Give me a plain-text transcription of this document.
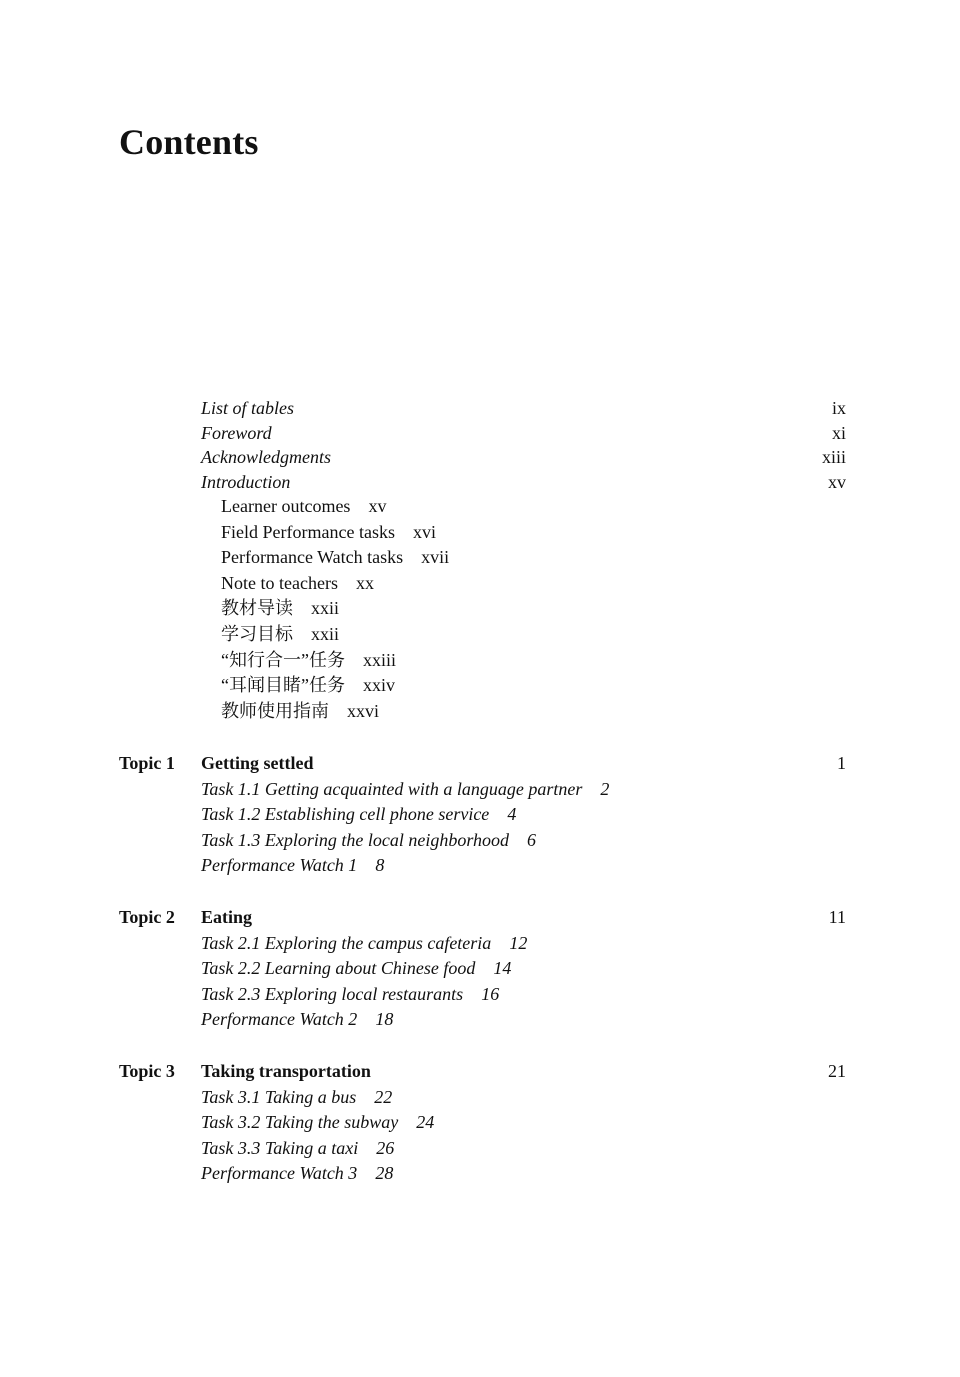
Contents
List of tables	ix
Foreword	xi
Acknowledgments	xiii
Introduction	xv
Learner outcomes xv
Field Performance tasks xvi
Performance Watch tasks xvii
Note to teachers xx
教材导读 xxii
学习目标 xxii
“知行合一”任务 xxiii
“耳闻目睹”任务 xxiv
教师使用指南 xxvi
Topic 1 Getting settled	1
Task 1.1 Getting acquainted with a language partner 2
Task 1.2 Establishing cell phone service 4
Task 1.3 Exploring the local neighborhood 6
Performance Watch 1 8
Topic 2 Eating	11
Task 2.1 Exploring the campus cafeteria 12
Task 2.2 Learning about Chinese food 14
Task 2.3 Exploring local restaurants 16
Performance Watch 2 18
Topic 3 Taking transportation	21
Task 3.1 Taking a bus 22
Task 3.2 Taking the subway 24
Task 3.3 Taking a taxi 26
Performance Watch 3 28
